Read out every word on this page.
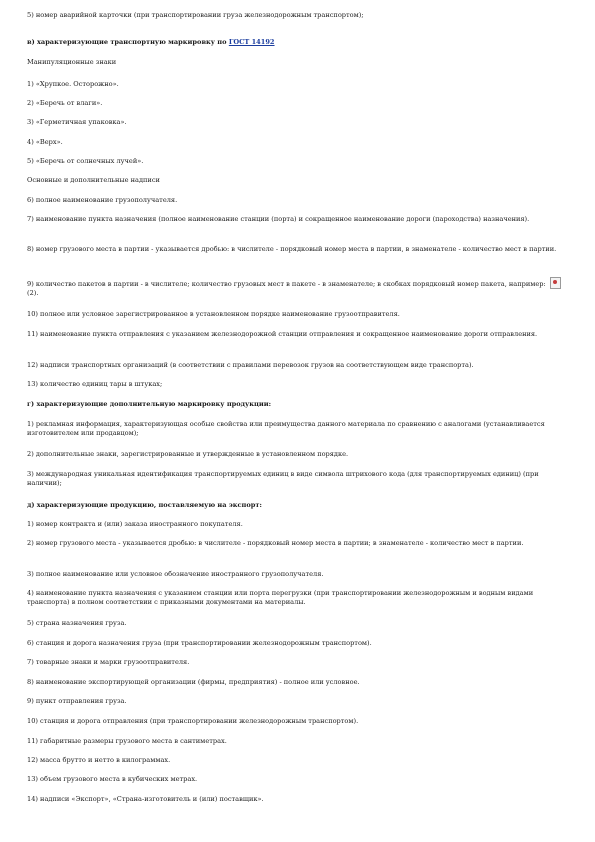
5) номер аварийной карточки (при транспортировании груза железнодорожным транспортом);

в) характеризующие транспортную маркировку по ГОСТ 14192

Манипуляционные знаки

1) «Хрупкое. Осторожно».

2) «Беречь от влаги».

3) «Герметичная упаковка».

4) «Верх».

5) «Беречь от солнечных лучей».

Основные и дополнительные надписи

6) полное наименование грузополучателя.

7) наименование пункта назначения (полное наименование станции (порта) и сокращенное наименование дороги (пароходства) назначения).

8) номер грузового места в партии - указывается дробью: в числителе - порядковый номер места в партии, в знаменателе - количество мест в партии.

9) количество пакетов в партии - в числителе; количество грузовых мест в пакете - в знаменателе; в скобках порядковый номер пакета, например:  (2).

10) полное или условное зарегистрированное в установленном порядке наименование грузоотправителя.

11) наименование пункта отправления с указанием железнодорожной станции отправления и сокращенное наименование дороги отправления.

12) надписи транспортных организаций (в соответствии с правилами перевозок грузов на соответствующем виде транспорта).

13) количество единиц тары в штуках;

г) характеризующие дополнительную маркировку продукции:

1) рекламная информация, характеризующая особые свойства или преимущества данного материала по сравнению с аналогами (устанавливается изготовителем или продавцом);

2) дополнительные знаки, зарегистрированные и утвержденные в установленном порядке.

3) международная уникальная идентификация транспортируемых единиц в виде символа штрихового кода (для транспортируемых единиц) (при наличии);

д) характеризующие продукцию, поставляемую на экспорт:

1) номер контракта и (или) заказа иностранного покупателя.

2) номер грузового места - указывается дробью: в числителе - порядковый номер места в партии; в знаменателе - количество мест в партии.

3) полное наименование или условное обозначение иностранного грузополучателя.

4) наименование пункта назначения с указанием станции или порта перегрузки (при транспортировании железнодорожным и водным видами транспорта) в полном соответствии с приказными документами на материалы.

5) страна назначения груза.

6) станция и дорога назначения груза (при транспортировании железнодорожным транспортом).

7) товарные знаки и марки грузоотправителя.

8) наименование экспортирующей организации (фирмы, предприятия) - полное или условное.

9) пункт отправления груза.

10) станция и дорога отправления (при транспортировании железнодорожным транспортом).

11) габаритные размеры грузового места в сантиметрах.

12) масса брутто и нетто в килограммах.

13) объем грузового места в кубических метрах.

14) надписи «Экспорт», «Страна-изготовитель и (или) поставщик».
